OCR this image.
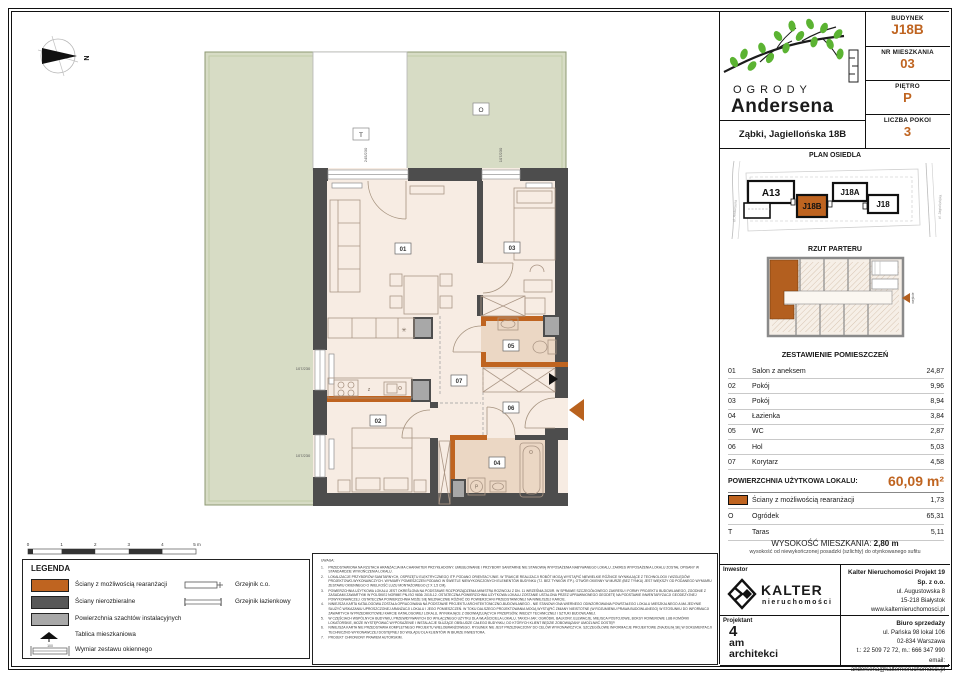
N
✳
z
P
01	03
05
07
06
02
04
O
T
245/230	107/230
107/230
107/230
0	1	2	3	4	5 m
LEGENDA
Ściany z możliwością rearanżacji
Ściany nierozbieralne
Powierzchnia szachtów instalacyjnych
Tablica mieszkaniowa
100	Wymiar zestawu okiennego
Grzejnik c.o.
Grzejnik łazienkowy
UWAGA:
1. PRZEDSTAWIONA NA RZUTACH ARANŻACJA MA CHARAKTER PRZYKŁADOWY. UMEBLOWANIE I PRZYBORY SANITARNE NIE STANOWIĄ WYPOSAŻENIA NABYWANEGO LOKALU. ZAKRES WYPOSAŻENIA LOKALU ZOSTAŁ OPISANY W STANDARDZIE WYKOŃCZENIA LOKALU.
2. LOKALIZACJE PRZYBORÓW SANITARNYCH, OSPRZĘTU ELEKTRYCZNEGO ITP. PODANO ORIENTACYJNIE. W TRAKCIE REALIZACJI ROBÓT MOGĄ WYSTĄPIĆ NIEWIELKIE RÓŻNICE WYNIKAJĄCE Z TECHNOLOGII I WZGLĘDÓW PROJEKTOWO-WYKONAWCZYCH. WYMIARY POMIESZCZEŃ PODANO W ŚWIETLE NIEWYKOŃCZONYCH ELEMENTÓW BUDYNKU (TJ. BEZ TYNKÓW ITP.). OTWÓR OKIENNY W MURZE (BEZ TYNKU) JEST WIĘKSZY OD PODANEGO WYMIARU ZESTAWU OKIENNEGO O WIELKOŚĆ LUZU MONTAŻOWEGO (2 X 1,5 CM).
3. POWIERZCHNIA UŻYTKOWA LOKALU JEST OKREŚLONA NA PODSTAWIE ROZPORZĄDZENIA MINISTRA ROZWOJU Z DN. 11 WRZEŚNIA 2020R. W SPRAWIE SZCZEGÓŁOWEGO ZAKRESU I FORMY PROJEKTU BUDOWLANEGO, ZGODNIE Z ZASADAMI ZAWARTYMI W POLSKIEJ NORMIE PN-ISO 9836: 2015-12. OSTATECZNA POWIERZCHNIA UŻYTKOWA LOKALU ZOSTANIE USTALONA PRZEZ UPRAWNIONEGO GEODETĘ NA PODSTAWIE INWENTARYZACJI GEODEZYJNEJ POWYKONAWCZEJ. OSTATECZNA POWIERZCHNIA MOŻE SIĘ NIEZNACZNIE RÓŻNIĆ OD POWIERZCHNI PRZEDSTAWIONEJ NA NINIEJSZEJ KARCIE.
4. NINIEJSZA KARTA KATALOGOWA ZOSTAŁA OPRACOWANA NA PODSTAWIE PROJEKTU ARCHITEKTONICZNO-BUDOWLANEGO - NIE STANOWI ONA WIERNEGO ODWZOROWANIA POWSTAŁEGO LOKALU MIESZKALNEGO A MA JEDYNIE SŁUŻYĆ WSKAZANIU UPROSZCZONEJ ARANŻACJI LOKALU I JEGO POMIESZCZEŃ. W TOKU DALSZEGO PROJEKTOWANIA MOGĄ WYSTĄPIĆ ZMIANY NIEISTOTNE (W ROZUMIENIU PRAWA BUDOWLANEGO) W STOSUNKU DO INFORMACJI ZAWARTYCH W PRZEDMIOTOWEJ KARCIE KATALOGOWEJ LOKALU, WYNIKAJĄCE Z OBOWIĄZUJĄCYCH PRZEPISÓW, WIEDZY TECHNICZNEJ I SZTUKI BUDOWLANEJ.
5. W CZĘŚCIACH WSPÓLNYCH BUDYNKU, PRZEWIDYWANYCH DO WYŁĄCZNEGO UŻYTKU DLA WŁAŚCICIELA LOKALU, TAKICH JAK: OGRÓDKI, BALKONY, ELEWACJE, MIEJSCA POSTOJOWE, BOKSY ROWEROWE LUB KOMÓRKI LOKATORSKIE, MOŻE WYSTĘPOWAĆ WYPOSAŻENIE I INSTALACJE SŁUŻĄCE OBSŁUDZE CAŁEGO BUDYNKU, DO KTÓRYCH KLIENT BĘDZIE ZOBOWIĄZANY UMOŻLIWIĆ DOSTĘP.
6. NINIEJSZA KARTA NIE PRZEDSTAWIA KOMPLETNEGO PROJEKTU WIELOBRANŻOWEGO. RYSUNEK NIE JEST PRZEZNACZONY DO CELÓW WYKONAWCZYCH. SZCZEGÓŁOWE INFORMACJE PROJEKTOWE ZNAJDUJĄ SIĘ W DOKUMENTACJI TECHNICZNO-WYKONAWCZEJ DOSTĘPNEJ DO WGLĄDU DLA KLIENTÓW W BIURZE INWESTORA.
7. PROJEKT CHRONIONY PRAWEM AUTORSKIM.
OGRODY
Andersena
Ząbki, Jagiellońska 18B
BUDYNEK
J18B
NR MIESZKANIA
03
PIĘTRO
P
LICZBA POKOI
3
PLAN OSIEDLA
A13
J18B
J18A
J18
ul. Andersena	ul. Jagiellońska
RZUT PARTERU
wejście
ZESTAWIENIE POMIESZCZEŃ
01	Salon z aneksem	24,87
02	Pokój	9,96
03	Pokój	8,94
04	Łazienka	3,84
05	WC	2,87
06	Hol	5,03
07	Korytarz	4,58
POWIERZCHNIA UŻYTKOWA LOKALU: 60,09 m²
Ściany z możliwością rearanżacji	1,73
O	Ogródek	65,31
T	Taras	5,11
WYSOKOŚĆ MIESZKANIA: 2,80 m
wysokość od niewykończonej posadzki (szlichty) do otynkowanego sufitu
Inwestor
KALTER
nieruchomości
Kalter Nieruchomości Projekt 19 Sp. z o.o.
ul. Augustowska 8
15-218 Białystok
www.kalternieruchomosci.pl
Projektant
4
am
architekci
Biuro sprzedaży
ul. Pańska 98 lokal 106
02-834 Warszawa
t.: 22 509 72 72, m.: 666 347 990
email: andersena@kalternieruchomosci.pl
